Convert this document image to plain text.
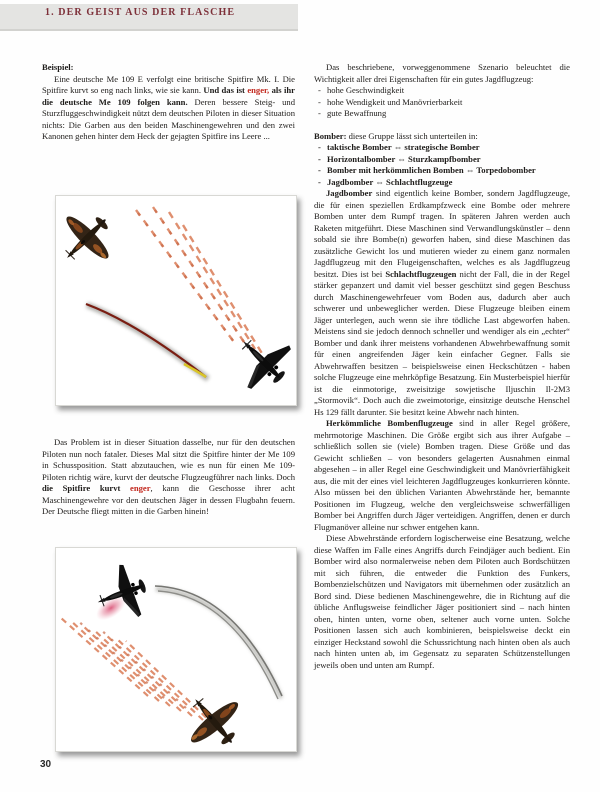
1. DER GEIST AUS DER FLASCHE

Beispiel:

Eine deutsche Me 109 E verfolgt eine britische Spitfire Mk. I. Die Spitfire kurvt so eng nach links, wie sie kann. Und das ist enger, als ihr die deutsche Me 109 folgen kann. Deren bessere Steig- und Sturzfluggeschwindigkeit nützt dem deutschen Piloten in dieser Situation nichts: Die Garben aus den beiden Maschinengewehren und den zwei Kanonen gehen hinter dem Heck der gejagten Spitfire ins Leere ...

Das Problem ist in dieser Situation dasselbe, nur für den deutschen Piloten nun noch fataler. Dieses Mal sitzt die Spitfire hinter der Me 109 in Schussposition. Statt abzutauchen, wie es nun für einen Me 109-Piloten richtig wäre, kurvt der deutsche Flugzeugführer nach links. Doch die Spitfire kurvt enger, kann die Geschosse ihrer acht Maschinengewehre vor den deutschen Jäger in dessen Flugbahn feuern. Der Deutsche fliegt mitten in die Garben hinein!

Das beschriebene, vorweggenommene Szenario beleuchtet die Wichtigkeit aller drei Eigenschaften für ein gutes Jagdflugzeug:

- hohe Geschwindigkeit
- hohe Wendigkeit und Manövrierbarkeit
- gute Bewaffnung

Bomber: diese Gruppe lässt sich unterteilen in:

- taktische Bomber ⇔ strategische Bomber
- Horizontalbomber ⇔ Sturzkampfbomber
- Bomber mit herkömmlichen Bomben ⇔ Torpedobomber
- Jagdbomber ⇔ Schlachtflugzeuge

Jagdbomber sind eigentlich keine Bomber, sondern Jagdflugzeuge, die für einen speziellen Erdkampfzweck eine Bombe oder mehrere Bomben unter dem Rumpf tragen. In späteren Jahren werden auch Raketen mitgeführt. Diese Maschinen sind Verwandlungskünstler – denn sobald sie ihre Bombe(n) geworfen haben, sind diese Maschinen das zusätzliche Gewicht los und mutieren wieder zu einem ganz normalen Jagdflugzeug mit den Flugeigenschaften, welches es als Jagdflugzeug besitzt. Dies ist bei Schlachtflugzeugen nicht der Fall, die in der Regel stärker gepanzert und damit viel besser geschützt sind gegen Beschuss durch Maschinengewehrfeuer vom Boden aus, dadurch aber auch schwerer und unbeweglicher werden. Diese Flugzeuge bleiben einem Jäger unterlegen, auch wenn sie ihre tödliche Last abgeworfen haben. Meistens sind sie jedoch dennoch schneller und wendiger als ein „echter“ Bomber und dank ihrer meistens vorhandenen Abwehrbewaffnung somit für einen angreifenden Jäger kein einfacher Gegner. Falls sie Abwehrwaffen besitzen – beispielsweise einen Heckschützen - haben solche Flugzeuge eine mehrköpfige Besatzung. Ein Musterbeispiel hierfür ist die einmotorige, zweisitzige sowjetische Iljuschin Il-2M3 „Stormovik“. Doch auch die zweimotorige, einsitzige deutsche Henschel Hs 129 fällt darunter. Sie besitzt keine Abwehr nach hinten.

Herkömmliche Bombenflugzeuge sind in aller Regel größere, mehrmotorige Maschinen. Die Größe ergibt sich aus ihrer Aufgabe – schließlich sollen sie (viele) Bomben tragen. Diese Größe und das Gewicht schließen – von besonders gelagerten Ausnahmen einmal abgesehen – in aller Regel eine Geschwindigkeit und Manövrierfähigkeit aus, die mit der eines viel leichteren Jagdflugzeuges konkurrieren könnte. Also müssen bei den üblichen Varianten Abwehrstände her, bemannte Positionen im Flugzeug, welche den vergleichsweise schwerfälligen Bomber bei Angriffen durch Jäger verteidigen. Angriffen, denen er durch Flugmanöver alleine nur schwer entgehen kann.

Diese Abwehrstände erfordern logischerweise eine Besatzung, welche diese Waffen im Falle eines Angriffs durch Feindjäger auch bedient. Ein Bomber wird also normalerweise neben dem Piloten auch Bordschützen mit sich führen, die entweder die Funktion des Funkers, Bombenzielschützen und Navigators mit übernehmen oder zusätzlich an Bord sind. Diese bedienen Maschinengewehre, die in Richtung auf die übliche Anflugsweise feindlicher Jäger positioniert sind – nach hinten oben, hinten unten, vorne oben, seltener auch vorne unten. Solche Positionen lassen sich auch kombinieren, beispielsweise deckt ein einziger Heckstand sowohl die Schussrichtung nach hinten oben als auch nach hinten unten ab, im Gegensatz zu separaten Schützenstellungen jeweils oben und unten am Rumpf.

30
